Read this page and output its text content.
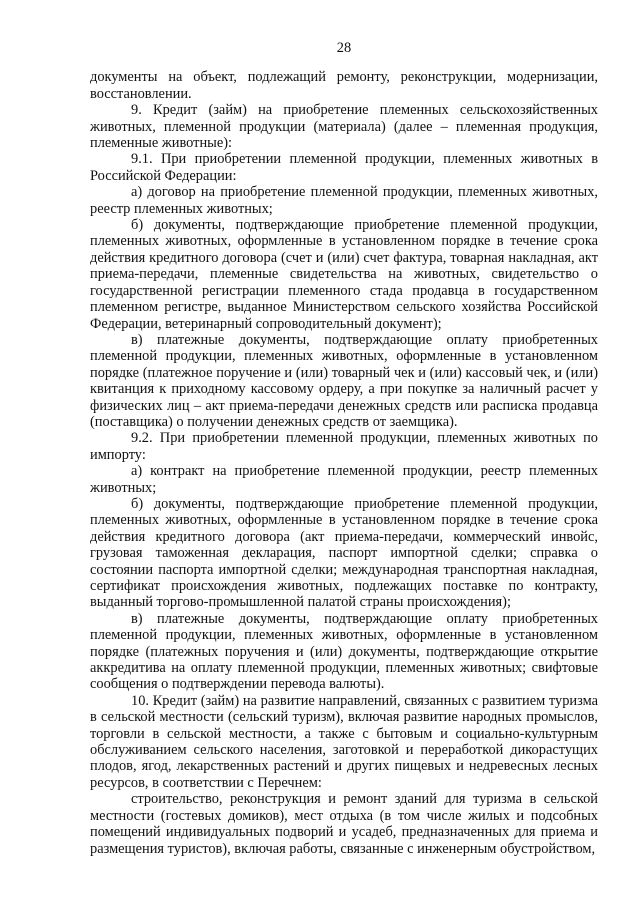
28

документы на объект, подлежащий ремонту, реконструкции, модернизации, восстановлении.

9. Кредит (займ) на приобретение племенных сельскохозяйственных животных, племенной продукции (материала) (далее – племенная продукция, племенные животные):

9.1. При приобретении племенной продукции, племенных животных в Российской Федерации:

а) договор на приобретение племенной продукции, племенных животных, реестр племенных животных;

б) документы, подтверждающие приобретение племенной продукции, племенных животных, оформленные в установленном порядке в течение срока действия кредитного договора (счет и (или) счет фактура, товарная накладная, акт приема-передачи, племенные свидетельства на животных, свидетельство о государственной регистрации племенного стада продавца в государственном племенном регистре, выданное Министерством сельского хозяйства Российской Федерации, ветеринарный сопроводительный документ);

в) платежные документы, подтверждающие оплату приобретенных племенной продукции, племенных животных, оформленные в установленном порядке (платежное поручение и (или) товарный чек и (или) кассовый чек, и (или) квитанция к приходному кассовому ордеру, а при покупке за наличный расчет у физических лиц – акт приема-передачи денежных средств или расписка продавца (поставщика) о получении денежных средств от заемщика).

9.2. При приобретении племенной продукции, племенных животных по импорту:

а) контракт на приобретение племенной продукции, реестр племенных животных;

б) документы, подтверждающие приобретение племенной продукции, племенных животных, оформленные в установленном порядке в течение срока действия кредитного договора (акт приема-передачи, коммерческий инвойс, грузовая таможенная декларация, паспорт импортной сделки; справка о состоянии паспорта импортной сделки; международная транспортная накладная, сертификат происхождения животных, подлежащих поставке по контракту, выданный торгово-промышленной палатой страны происхождения);

в) платежные документы, подтверждающие оплату приобретенных племенной продукции, племенных животных, оформленные в установленном порядке (платежных поручения и (или) документы, подтверждающие открытие аккредитива на оплату племенной продукции, племенных животных; свифтовые сообщения о подтверждении перевода валюты).

10. Кредит (займ) на развитие направлений, связанных с развитием туризма в сельской местности (сельский туризм), включая развитие народных промыслов, торговли в сельской местности, а также с бытовым и социально-культурным обслуживанием сельского населения, заготовкой и переработкой дикорастущих плодов, ягод, лекарственных растений и других пищевых и недревесных лесных ресурсов, в соответствии с Перечнем:

строительство, реконструкция и ремонт зданий для туризма в сельской местности (гостевых домиков), мест отдыха (в том числе жилых и подсобных помещений индивидуальных подворий и усадеб, предназначенных для приема и размещения туристов), включая работы, связанные с инженерным обустройством,
